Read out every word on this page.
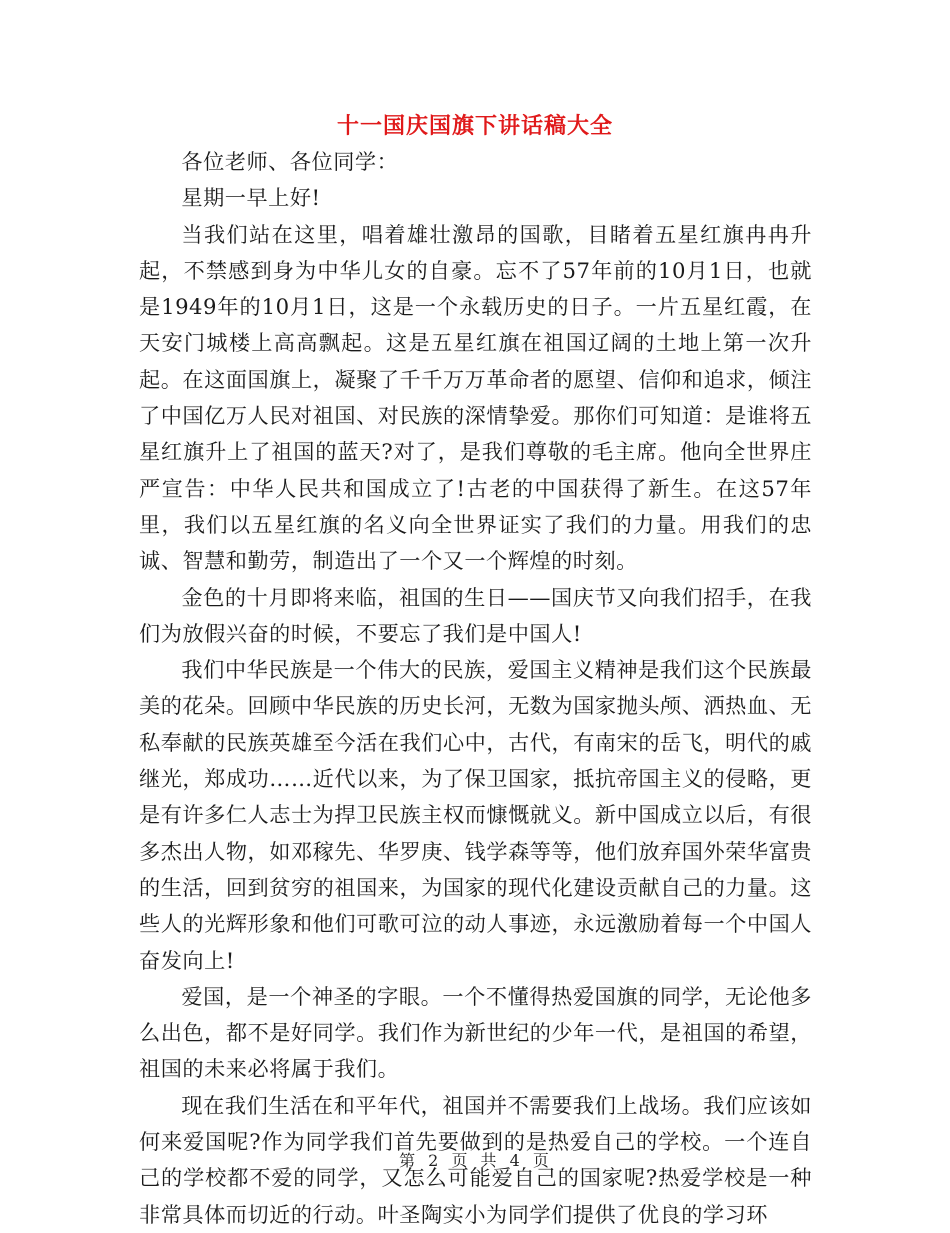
十一国庆国旗下讲话稿大全

各位老师、各位同学：

星期一早上好!

当我们站在这里，唱着雄壮激昂的国歌，目睹着五星红旗冉冉升起，不禁感到身为中华儿女的自豪。忘不了57年前的10月1日，也就是1949年的10月1日，这是一个永载历史的日子。一片五星红霞，在天安门城楼上高高飘起。这是五星红旗在祖国辽阔的土地上第一次升起。在这面国旗上，凝聚了千千万万革命者的愿望、信仰和追求，倾注了中国亿万人民对祖国、对民族的深情挚爱。那你们可知道：是谁将五星红旗升上了祖国的蓝天?对了，是我们尊敬的毛主席。他向全世界庄严宣告：中华人民共和国成立了!古老的中国获得了新生。在这57年里，我们以五星红旗的名义向全世界证实了我们的力量。用我们的忠诚、智慧和勤劳，制造出了一个又一个辉煌的时刻。

金色的十月即将来临，祖国的生日——国庆节又向我们招手，在我们为放假兴奋的时候，不要忘了我们是中国人!

我们中华民族是一个伟大的民族，爱国主义精神是我们这个民族最美的花朵。回顾中华民族的历史长河，无数为国家抛头颅、洒热血、无私奉献的民族英雄至今活在我们心中，古代，有南宋的岳飞，明代的戚继光，郑成功……近代以来，为了保卫国家，抵抗帝国主义的侵略，更是有许多仁人志士为捍卫民族主权而慷慨就义。新中国成立以后，有很多杰出人物，如邓稼先、华罗庚、钱学森等等，他们放弃国外荣华富贵的生活，回到贫穷的祖国来，为国家的现代化建设贡献自己的力量。这些人的光辉形象和他们可歌可泣的动人事迹，永远激励着每一个中国人奋发向上!

爱国，是一个神圣的字眼。一个不懂得热爱国旗的同学，无论他多么出色，都不是好同学。我们作为新世纪的少年一代，是祖国的希望，祖国的未来必将属于我们。

现在我们生活在和平年代，祖国并不需要我们上战场。我们应该如何来爱国呢?作为同学我们首先要做到的是热爱自己的学校。一个连自己的学校都不爱的同学，又怎么可能爱自己的国家呢?热爱学校是一种非常具体而切近的行动。叶圣陶实小为同学们提供了优良的学习环

第 2 页 共 4 页
